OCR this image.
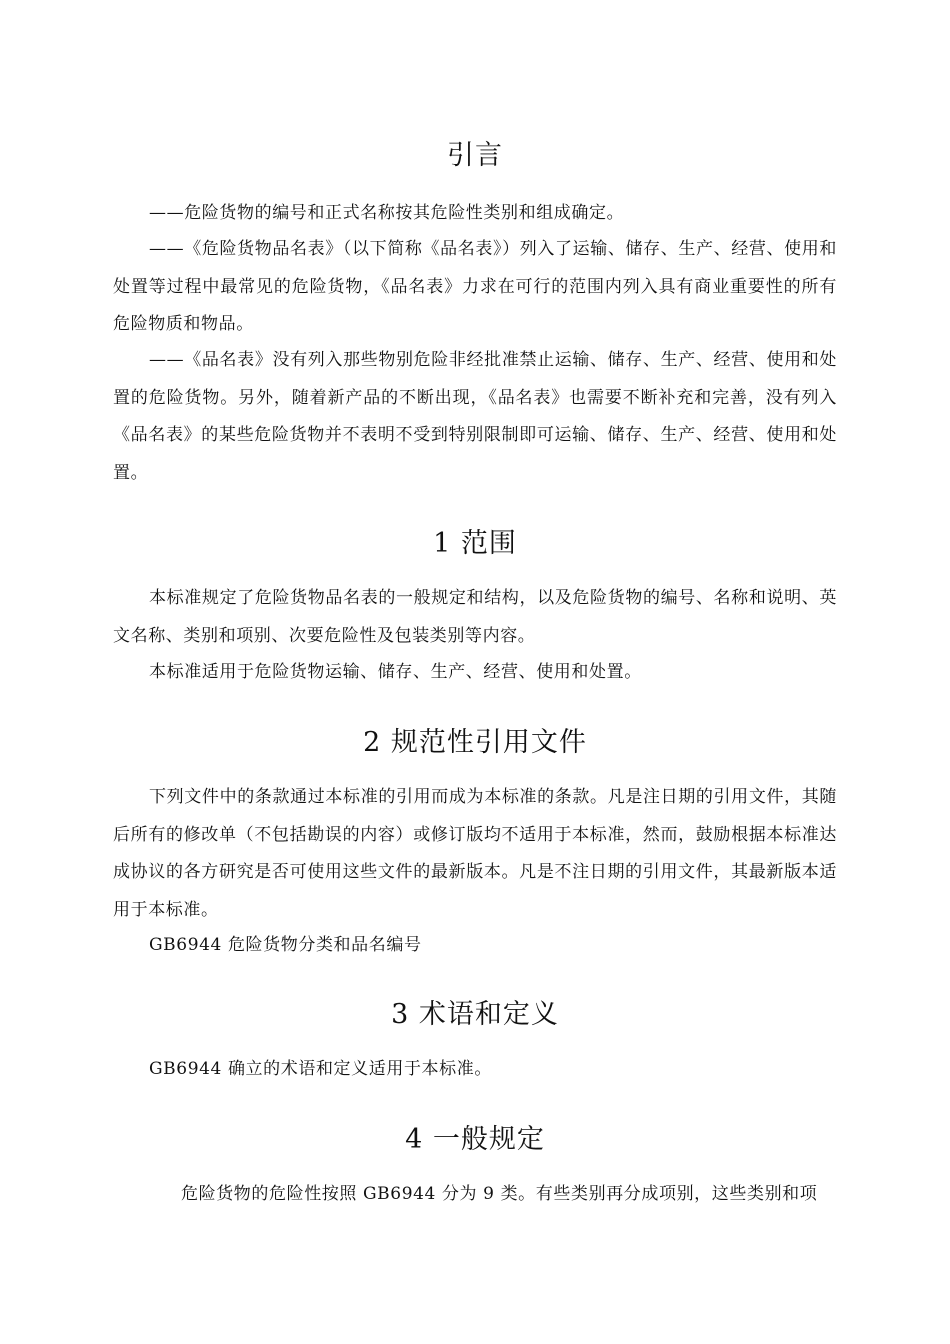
引言

——危险货物的编号和正式名称按其危险性类别和组成确定。

——《危险货物品名表》（以下简称《品名表》）列入了运输、储存、生产、经营、使用和处置等过程中最常见的危险货物，《品名表》力求在可行的范围内列入具有商业重要性的所有危险物质和物品。

——《品名表》没有列入那些物别危险非经批准禁止运输、储存、生产、经营、使用和处置的危险货物。另外，随着新产品的不断出现，《品名表》也需要不断补充和完善，没有列入《品名表》的某些危险货物并不表明不受到特别限制即可运输、储存、生产、经营、使用和处置。

1 范围

本标准规定了危险货物品名表的一般规定和结构，以及危险货物的编号、名称和说明、英文名称、类别和项别、次要危险性及包装类别等内容。

本标准适用于危险货物运输、储存、生产、经营、使用和处置。

2 规范性引用文件

下列文件中的条款通过本标准的引用而成为本标准的条款。凡是注日期的引用文件，其随后所有的修改单（不包括勘误的内容）或修订版均不适用于本标准，然而，鼓励根据本标准达成协议的各方研究是否可使用这些文件的最新版本。凡是不注日期的引用文件，其最新版本适用于本标准。

GB6944 危险货物分类和品名编号

3 术语和定义

GB6944 确立的术语和定义适用于本标准。

4 一般规定

危险货物的危险性按照 GB6944 分为 9 类。有些类别再分成项别，这些类别和项
